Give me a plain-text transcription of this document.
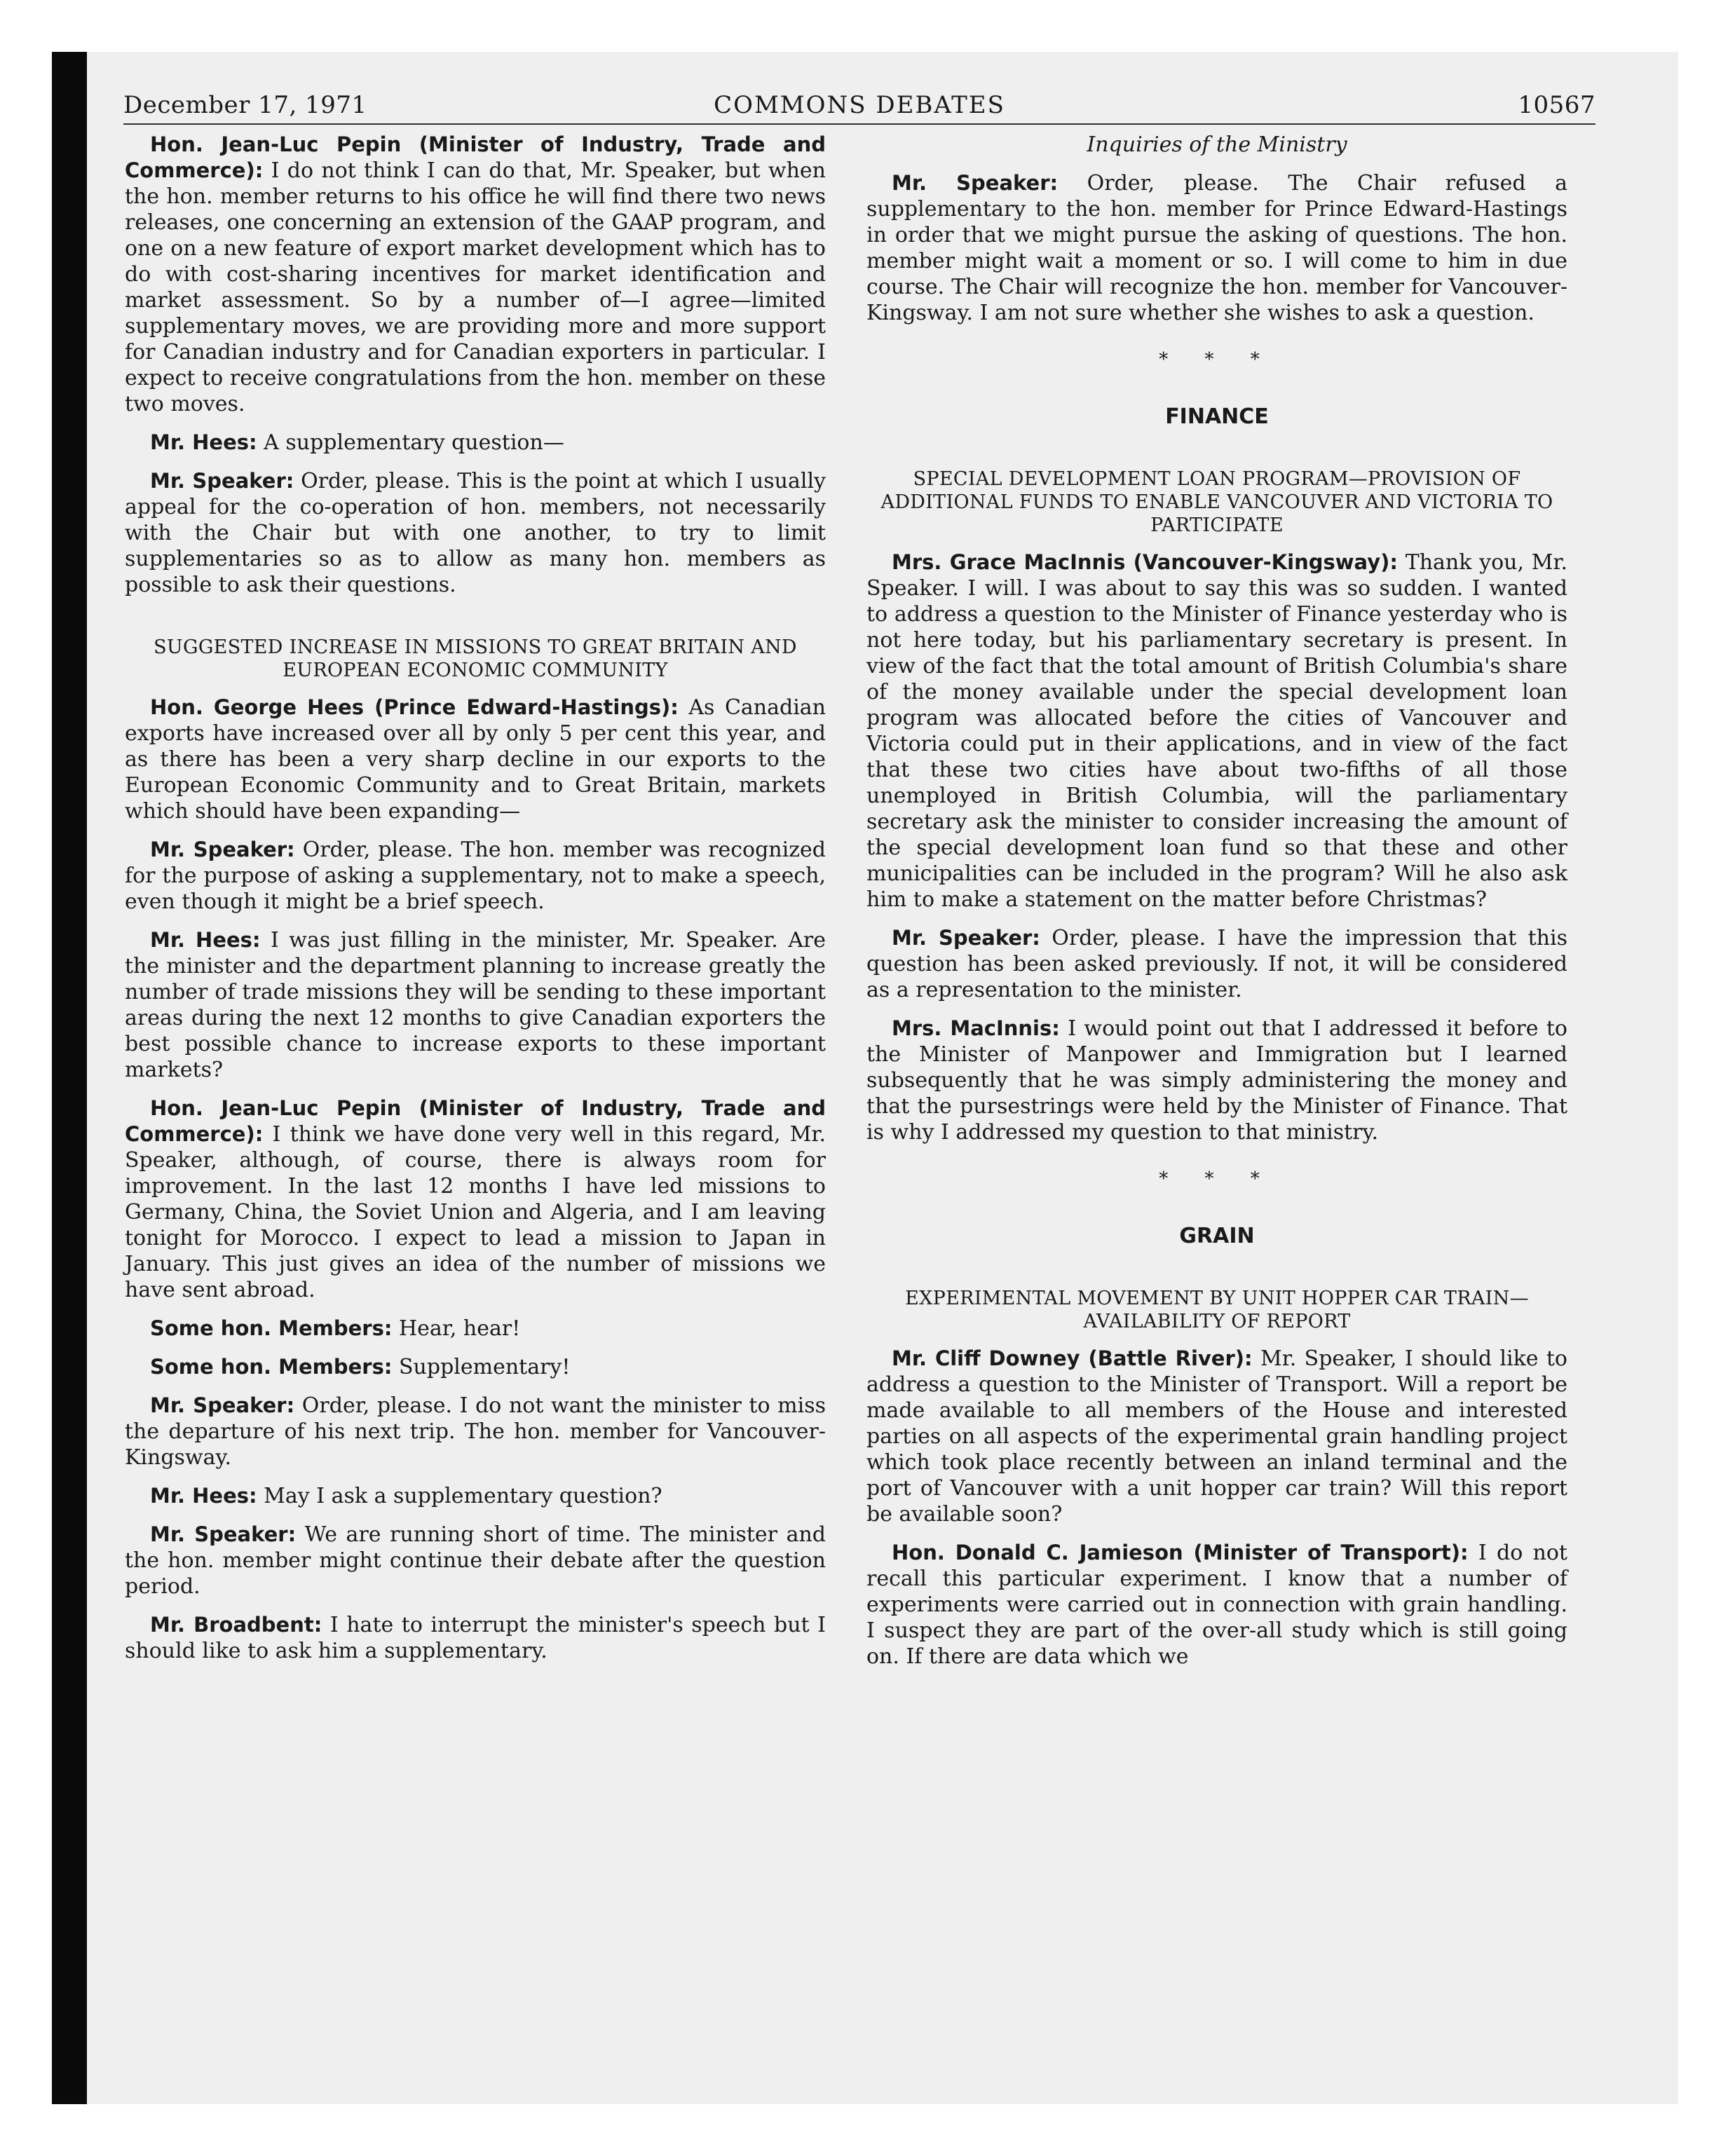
December 17, 1971	COMMONS DEBATES	10567

Hon. Jean-Luc Pepin (Minister of Industry, Trade and Commerce): I do not think I can do that, Mr. Speaker, but when the hon. member returns to his office he will find there two news releases, one concerning an extension of the GAAP program, and one on a new feature of export market development which has to do with cost-sharing incentives for market identification and market assessment. So by a number of—I agree—limited supplementary moves, we are providing more and more support for Canadian industry and for Canadian exporters in particular. I expect to receive congratulations from the hon. member on these two moves.

Mr. Hees: A supplementary question—

Mr. Speaker: Order, please. This is the point at which I usually appeal for the co-operation of hon. members, not necessarily with the Chair but with one another, to try to limit supplementaries so as to allow as many hon. members as possible to ask their questions.

SUGGESTED INCREASE IN MISSIONS TO GREAT BRITAIN AND EUROPEAN ECONOMIC COMMUNITY

Hon. George Hees (Prince Edward-Hastings): As Canadian exports have increased over all by only 5 per cent this year, and as there has been a very sharp decline in our exports to the European Economic Community and to Great Britain, markets which should have been expanding—

Mr. Speaker: Order, please. The hon. member was recognized for the purpose of asking a supplementary, not to make a speech, even though it might be a brief speech.

Mr. Hees: I was just filling in the minister, Mr. Speaker. Are the minister and the department planning to increase greatly the number of trade missions they will be sending to these important areas during the next 12 months to give Canadian exporters the best possible chance to increase exports to these important markets?

Hon. Jean-Luc Pepin (Minister of Industry, Trade and Commerce): I think we have done very well in this regard, Mr. Speaker, although, of course, there is always room for improvement. In the last 12 months I have led missions to Germany, China, the Soviet Union and Algeria, and I am leaving tonight for Morocco. I expect to lead a mission to Japan in January. This just gives an idea of the number of missions we have sent abroad.

Some hon. Members: Hear, hear!

Some hon. Members: Supplementary!

Mr. Speaker: Order, please. I do not want the minister to miss the departure of his next trip. The hon. member for Vancouver-Kingsway.

Mr. Hees: May I ask a supplementary question?

Mr. Speaker: We are running short of time. The minister and the hon. member might continue their debate after the question period.

Mr. Broadbent: I hate to interrupt the minister's speech but I should like to ask him a supplementary.

Inquiries of the Ministry

Mr. Speaker: Order, please. The Chair refused a supplementary to the hon. member for Prince Edward-Hastings in order that we might pursue the asking of questions. The hon. member might wait a moment or so. I will come to him in due course. The Chair will recognize the hon. member for Vancouver-Kingsway. I am not sure whether she wishes to ask a question.

* * *
FINANCE
SPECIAL DEVELOPMENT LOAN PROGRAM—PROVISION OF ADDITIONAL FUNDS TO ENABLE VANCOUVER AND VICTORIA TO PARTICIPATE

Mrs. Grace MacInnis (Vancouver-Kingsway): Thank you, Mr. Speaker. I will. I was about to say this was so sudden. I wanted to address a question to the Minister of Finance yesterday who is not here today, but his parliamentary secretary is present. In view of the fact that the total amount of British Columbia's share of the money available under the special development loan program was allocated before the cities of Vancouver and Victoria could put in their applications, and in view of the fact that these two cities have about two-fifths of all those unemployed in British Columbia, will the parliamentary secretary ask the minister to consider increasing the amount of the special development loan fund so that these and other municipalities can be included in the program? Will he also ask him to make a statement on the matter before Christmas?

Mr. Speaker: Order, please. I have the impression that this question has been asked previously. If not, it will be considered as a representation to the minister.

Mrs. MacInnis: I would point out that I addressed it before to the Minister of Manpower and Immigration but I learned subsequently that he was simply administering the money and that the pursestrings were held by the Minister of Finance. That is why I addressed my question to that ministry.

* * *
GRAIN
EXPERIMENTAL MOVEMENT BY UNIT HOPPER CAR TRAIN—AVAILABILITY OF REPORT

Mr. Cliff Downey (Battle River): Mr. Speaker, I should like to address a question to the Minister of Transport. Will a report be made available to all members of the House and interested parties on all aspects of the experimental grain handling project which took place recently between an inland terminal and the port of Vancouver with a unit hopper car train? Will this report be available soon?

Hon. Donald C. Jamieson (Minister of Transport): I do not recall this particular experiment. I know that a number of experiments were carried out in connection with grain handling. I suspect they are part of the over-all study which is still going on. If there are data which we
